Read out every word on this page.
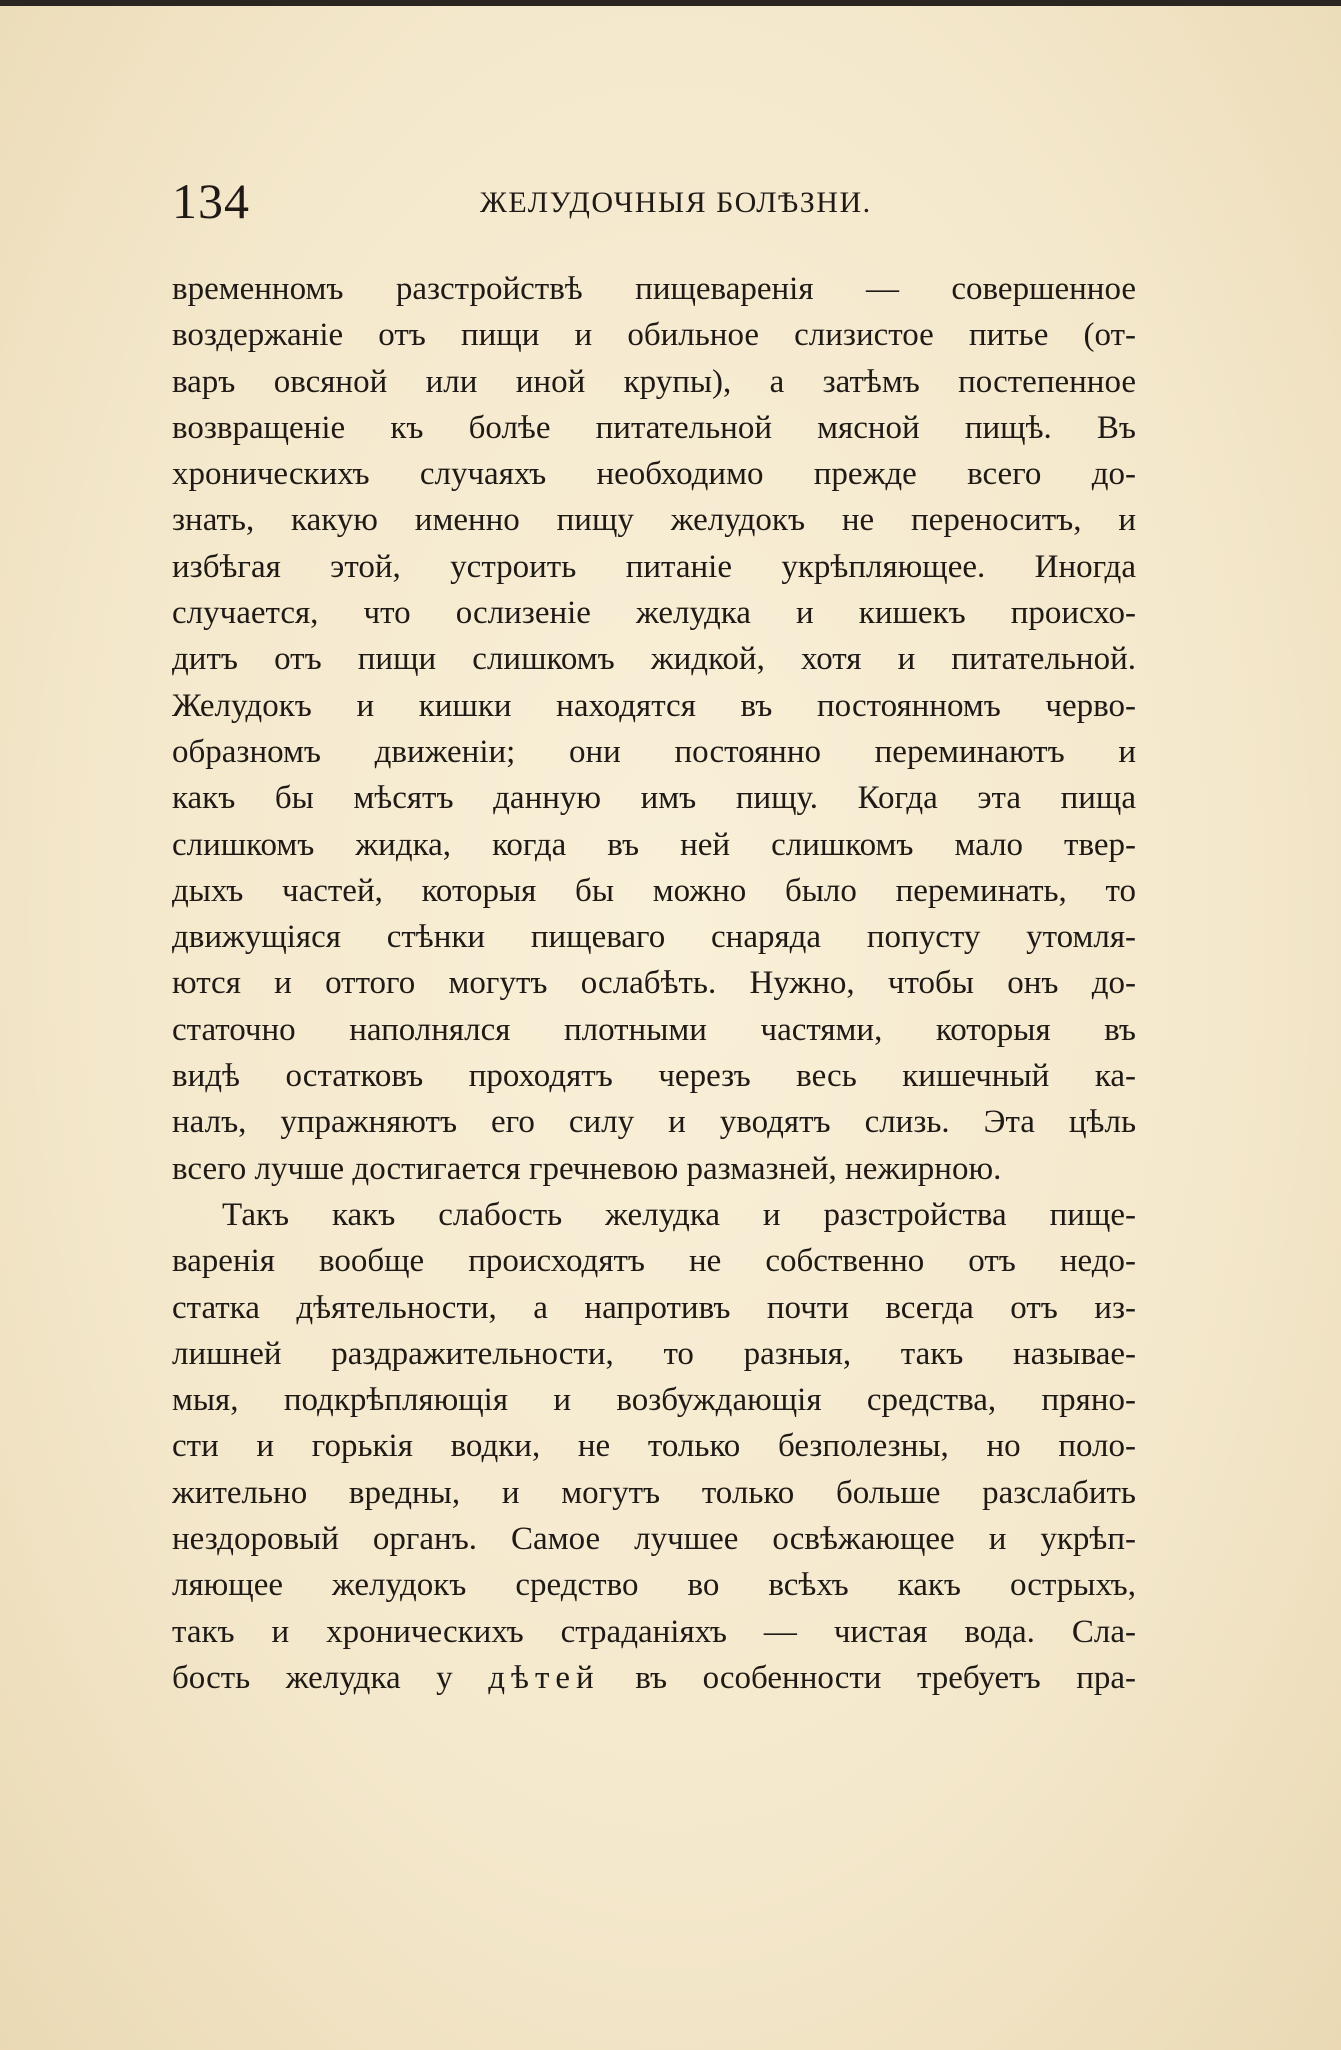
134	ЖЕЛУДОЧНЫЯ БОЛѢЗНИ.
временномъ разстройствѣ пищеваренія — совершенное
воздержаніе отъ пищи и обильное слизистое питье (от-
варъ овсяной или иной крупы), а затѣмъ постепенное
возвращеніе къ болѣе питательной мясной пищѣ. Въ
хроническихъ случаяхъ необходимо прежде всего до-
знать, какую именно пищу желудокъ не переноситъ, и
избѣгая этой, устроить питаніе укрѣпляющее. Иногда
случается, что ослизеніе желудка и кишекъ происхо-
дитъ отъ пищи слишкомъ жидкой, хотя и питательной.
Желудокъ и кишки находятся въ постоянномъ черво-
образномъ движеніи; они постоянно переминаютъ и
какъ бы мѣсятъ данную имъ пищу. Когда эта пища
слишкомъ жидка, когда въ ней слишкомъ мало твер-
дыхъ частей, которыя бы можно было переминать, то
движущіяся стѣнки пищеваго снаряда попусту утомля-
ются и оттого могутъ ослабѣть. Нужно, чтобы онъ до-
статочно наполнялся плотными частями, которыя въ
видѣ остатковъ проходятъ черезъ весь кишечный ка-
налъ, упражняютъ его силу и уводятъ слизь. Эта цѣль
всего лучше достигается гречневою размазней, нежирною.
Такъ какъ слабость желудка и разстройства пище-
варенія вообще происходятъ не собственно отъ недо-
статка дѣятельности, а напротивъ почти всегда отъ из-
лишней раздражительности, то разныя, такъ называе-
мыя, подкрѣпляющія и возбуждающія средства, пряно-
сти и горькія водки, не только безполезны, но поло-
жительно вредны, и могутъ только больше разслабить
нездоровый органъ. Самое лучшее освѣжающее и укрѣп-
ляющее желудокъ средство во всѣхъ какъ острыхъ,
такъ и хроническихъ страданіяхъ — чистая вода. Сла-
бость желудка у дѣтей въ особенности требуетъ пра-
